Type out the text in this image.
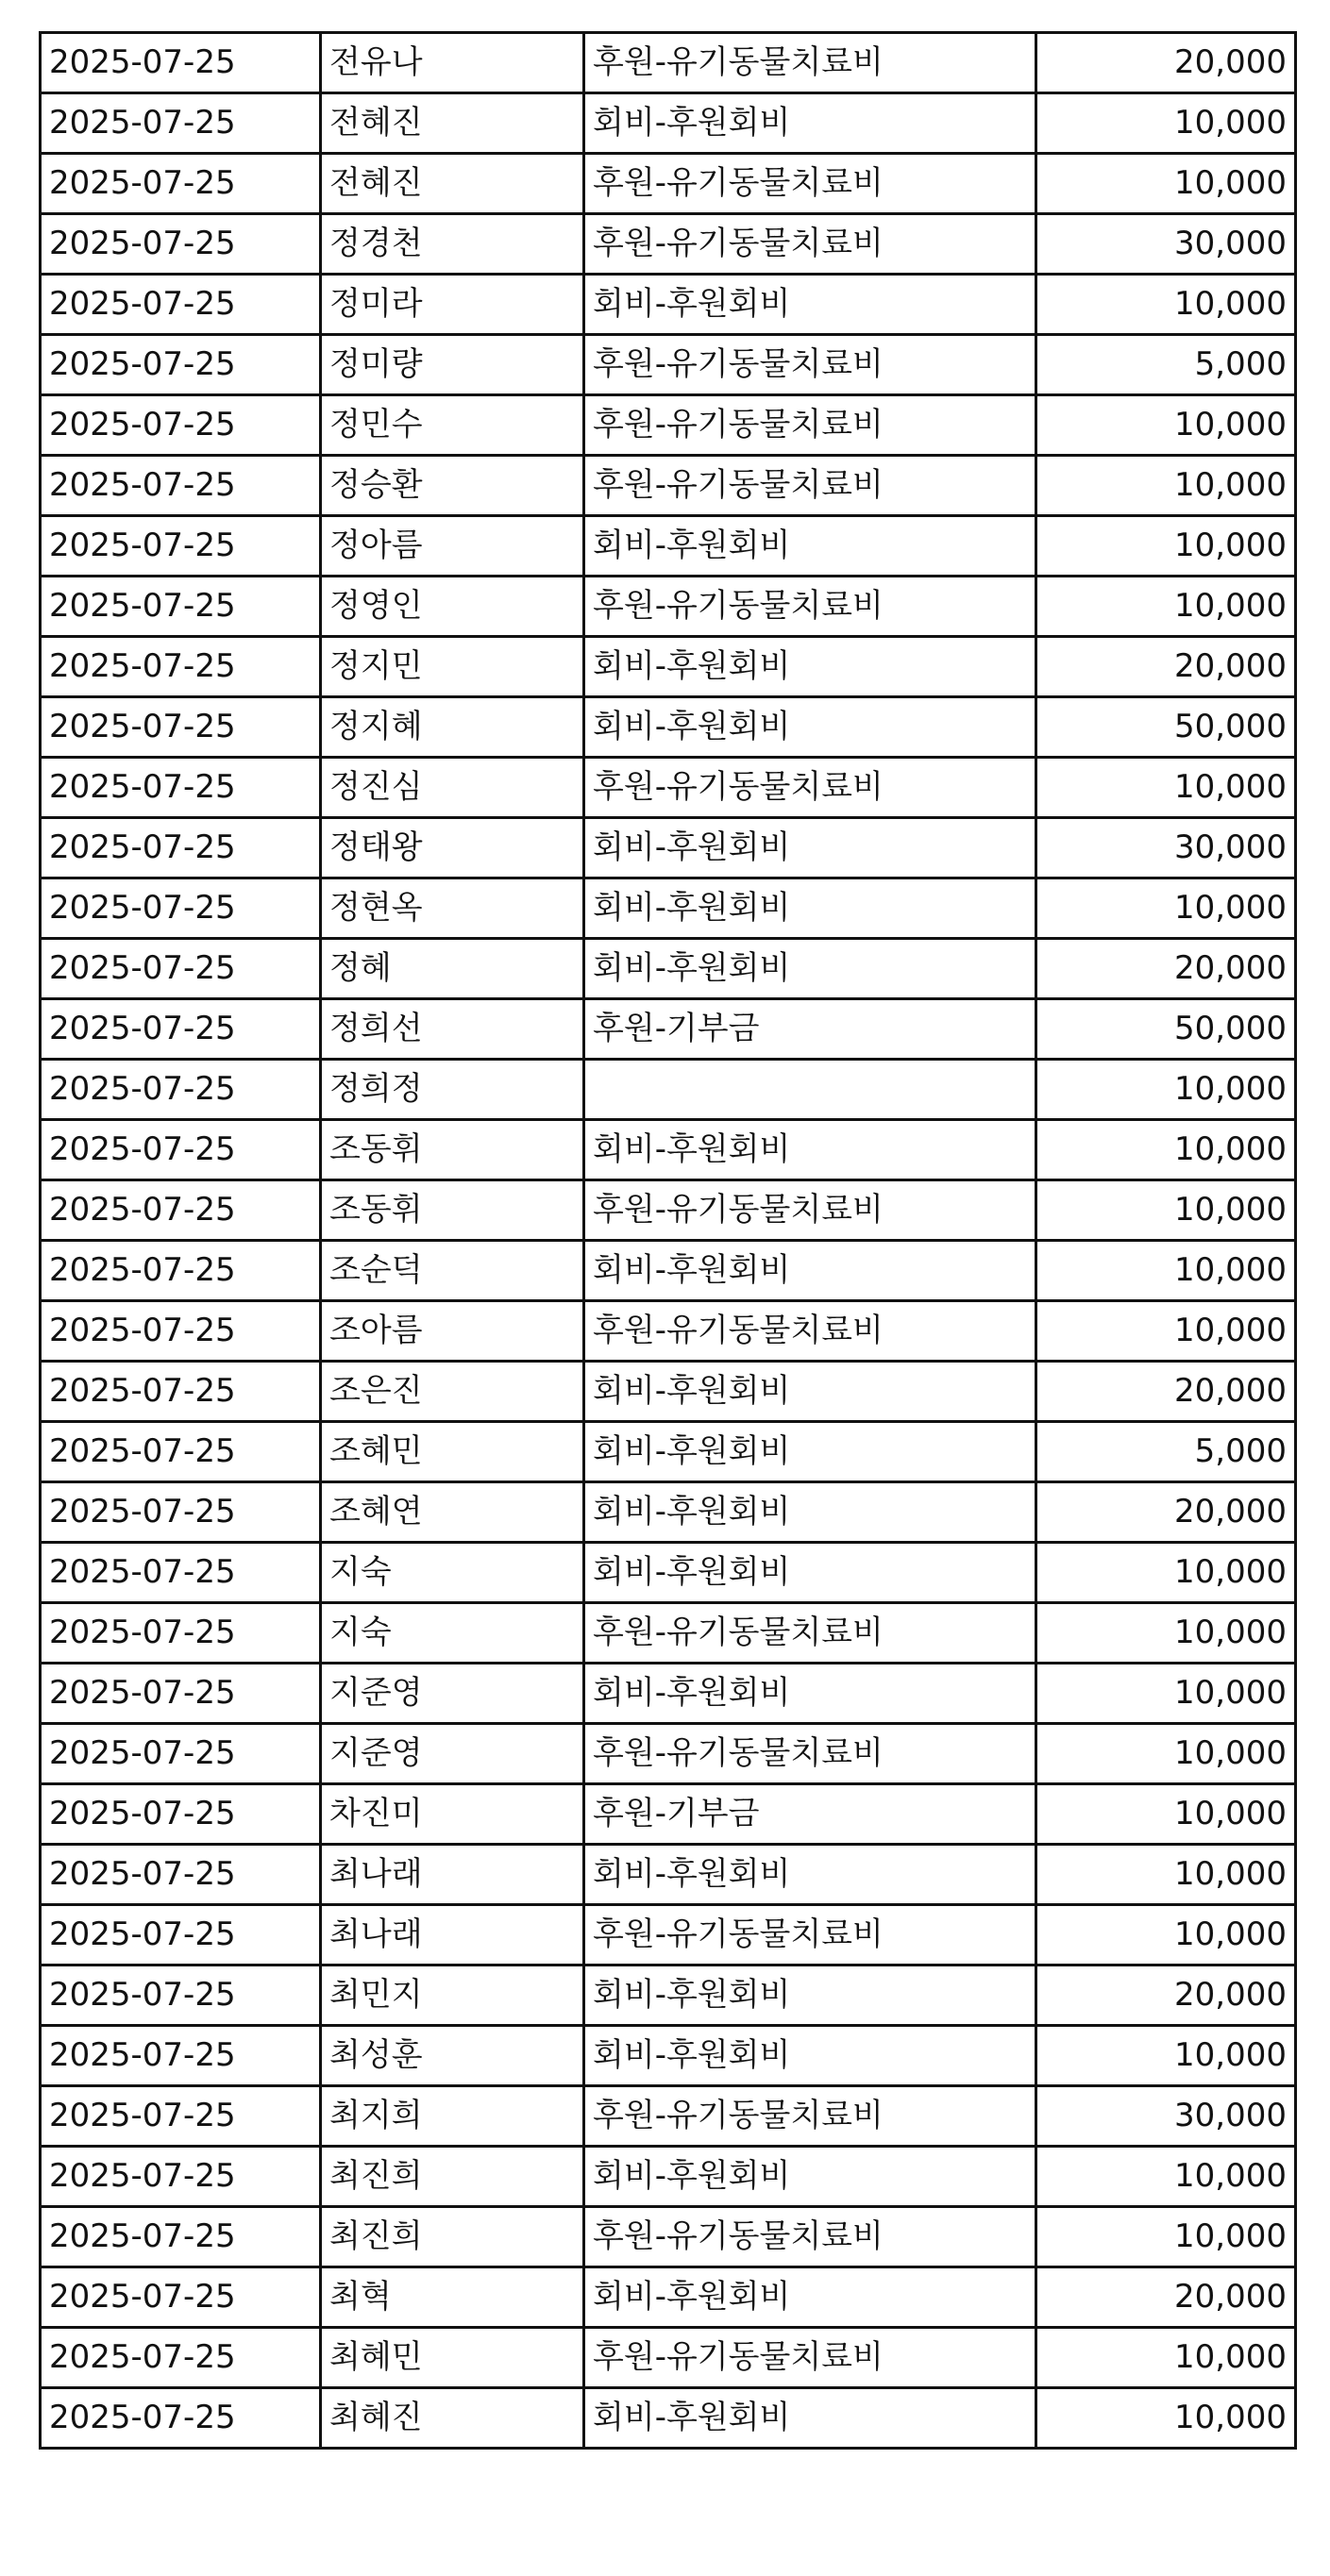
2025-07-25	전유나	후원-유기동물치료비	20,000
2025-07-25	전혜진	회비-후원회비	10,000
2025-07-25	전혜진	후원-유기동물치료비	10,000
2025-07-25	정경천	후원-유기동물치료비	30,000
2025-07-25	정미라	회비-후원회비	10,000
2025-07-25	정미량	후원-유기동물치료비	5,000
2025-07-25	정민수	후원-유기동물치료비	10,000
2025-07-25	정승환	후원-유기동물치료비	10,000
2025-07-25	정아름	회비-후원회비	10,000
2025-07-25	정영인	후원-유기동물치료비	10,000
2025-07-25	정지민	회비-후원회비	20,000
2025-07-25	정지혜	회비-후원회비	50,000
2025-07-25	정진심	후원-유기동물치료비	10,000
2025-07-25	정태왕	회비-후원회비	30,000
2025-07-25	정현옥	회비-후원회비	10,000
2025-07-25	정혜	회비-후원회비	20,000
2025-07-25	정희선	후원-기부금	50,000
2025-07-25	정희정		10,000
2025-07-25	조동휘	회비-후원회비	10,000
2025-07-25	조동휘	후원-유기동물치료비	10,000
2025-07-25	조순덕	회비-후원회비	10,000
2025-07-25	조아름	후원-유기동물치료비	10,000
2025-07-25	조은진	회비-후원회비	20,000
2025-07-25	조혜민	회비-후원회비	5,000
2025-07-25	조혜연	회비-후원회비	20,000
2025-07-25	지숙	회비-후원회비	10,000
2025-07-25	지숙	후원-유기동물치료비	10,000
2025-07-25	지준영	회비-후원회비	10,000
2025-07-25	지준영	후원-유기동물치료비	10,000
2025-07-25	차진미	후원-기부금	10,000
2025-07-25	최나래	회비-후원회비	10,000
2025-07-25	최나래	후원-유기동물치료비	10,000
2025-07-25	최민지	회비-후원회비	20,000
2025-07-25	최성훈	회비-후원회비	10,000
2025-07-25	최지희	후원-유기동물치료비	30,000
2025-07-25	최진희	회비-후원회비	10,000
2025-07-25	최진희	후원-유기동물치료비	10,000
2025-07-25	최혁	회비-후원회비	20,000
2025-07-25	최혜민	후원-유기동물치료비	10,000
2025-07-25	최혜진	회비-후원회비	10,000
